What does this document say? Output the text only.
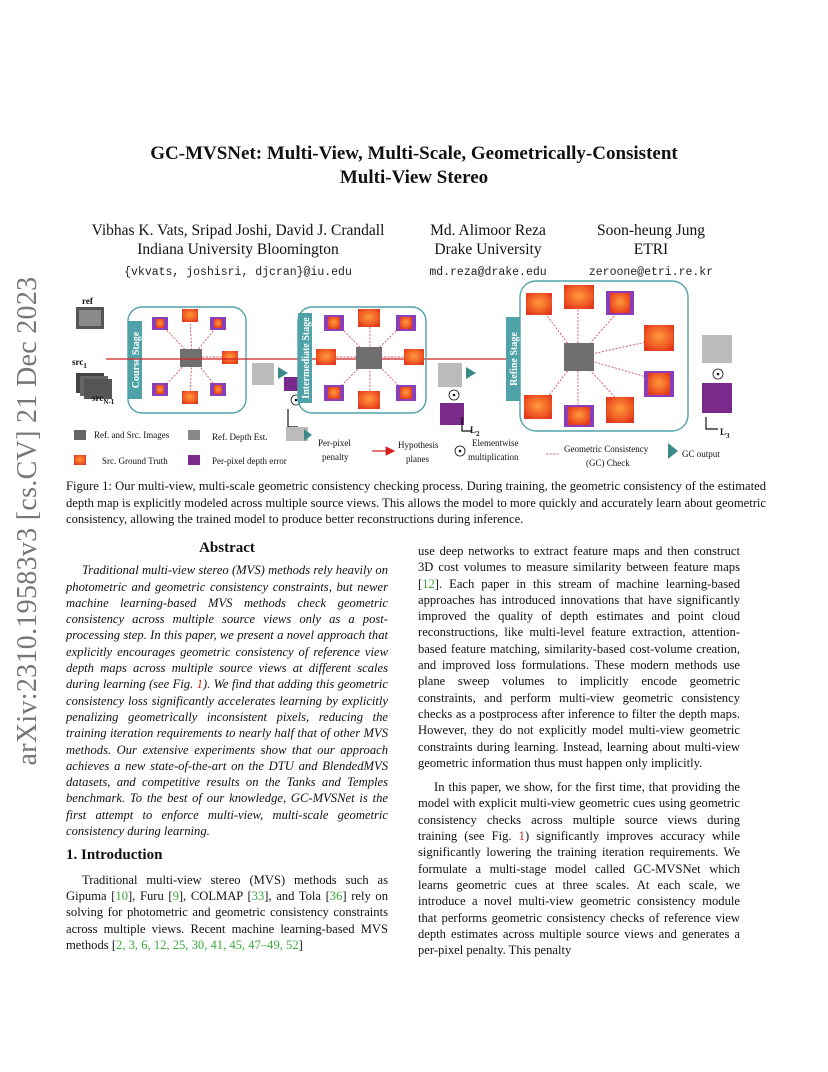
arXiv:2310.19583v3 [cs.CV] 21 Dec 2023
GC-MVSNet: Multi-View, Multi-Scale, Geometrically-Consistent
Multi-View Stereo
Vibhas K. Vats, Sripad Joshi, David J. Crandall
Indiana University Bloomington
{vkvats, joshisri, djcran}@iu.edu
Md. Alimoor Reza
Drake University
md.reza@drake.edu
Soon-heung Jung
ETRI
zeroone@etri.re.kr
ref
src$_1$
src$_{N-1}$
Course Stage	Intermediate Stage
$L_2$
Refine Stage
$L_3$
Ref. and Src. Images	Ref. Depth Est.
Per-pixel
penalty
Hypothesis
planes
Elementwise
multiplication
Geometric Consistency
(GC) Check
GC output
Src. Ground Truth	Per-pixel depth error
Figure 1: Our multi-view, multi-scale geometric consistency checking process. During training, the geometric consistency of the estimated depth map is explicitly modeled across multiple source views. This allows the model to more quickly and accurately learn about geometric consistency, allowing the trained model to produce better reconstructions during inference.
Abstract

Traditional multi-view stereo (MVS) methods rely heavily on photometric and geometric consistency constraints, but newer machine learning-based MVS methods check geometric consistency across multiple source views only as a post-processing step. In this paper, we present a novel approach that explicitly encourages geometric consistency of reference view depth maps across multiple source views at different scales during learning (see Fig. 1). We find that adding this geometric consistency loss significantly accelerates learning by explicitly penalizing geometrically inconsistent pixels, reducing the training iteration requirements to nearly half that of other MVS methods. Our extensive experiments show that our approach achieves a new state-of-the-art on the DTU and BlendedMVS datasets, and competitive results on the Tanks and Temples benchmark. To the best of our knowledge, GC-MVSNet is the first attempt to enforce multi-view, multi-scale geometric consistency during learning.

1. Introduction

Traditional multi-view stereo (MVS) methods such as Gipuma [10], Furu [9], COLMAP [33], and Tola [36] rely on solving for photometric and geometric consistency constraints across multiple views. Recent machine learning-based MVS methods [2, 3, 6, 12, 25, 30, 41, 45, 47–49, 52]

use deep networks to extract feature maps and then construct 3D cost volumes to measure similarity between feature maps [12]. Each paper in this stream of machine learning-based approaches has introduced innovations that have significantly improved the quality of depth estimates and point cloud reconstructions, like multi-level feature extraction, attention-based feature matching, similarity-based cost-volume creation, and improved loss formulations. These modern methods use plane sweep volumes to implicitly encode geometric constraints, and perform multi-view geometric consistency checks as a postprocess after inference to filter the depth maps. However, they do not explicitly model multi-view geometric constraints during learning. Instead, learning about multi-view geometric information thus must happen only implicitly.

In this paper, we show, for the first time, that providing the model with explicit multi-view geometric cues using geometric consistency checks across multiple source views during training (see Fig. 1) significantly improves accuracy while significantly lowering the training iteration requirements. We formulate a multi-stage model called GC-MVSNet which learns geometric cues at three scales. At each scale, we introduce a novel multi-view geometric consistency module that performs geometric consistency checks of reference view depth estimates across multiple source views and generates a per-pixel penalty. This penalty
